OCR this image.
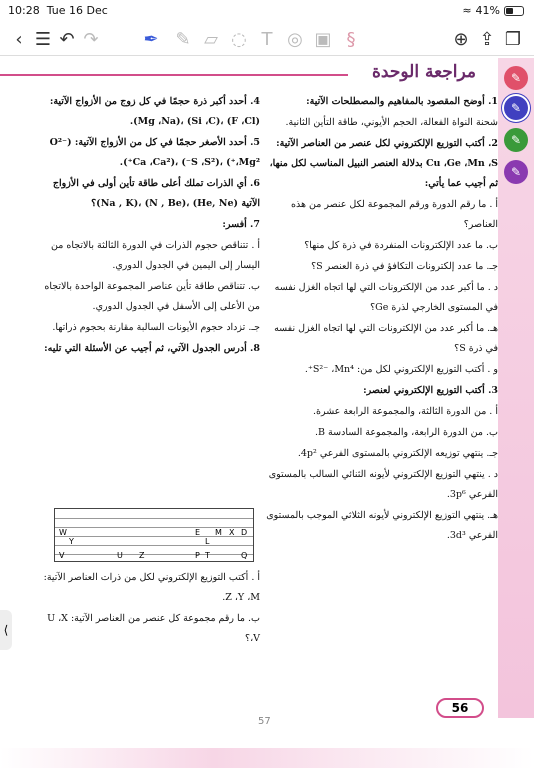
10:28 Tue 16 Dec	≈ 41%
‹ ☰ ↶ ↷	✒ ✎ ▱ ◌ T ◎ ▣ §	⊕ ⇪ ❐
مراجعة الوحدة	✎
✎
✎
✎

1. أوضح المقصود بالمفاهيم والمصطلحات الآتية:

شحنة النواة الفعالة، الحجم الأيوني، طاقة التأين الثانية.

2. أكتب التوزيع الإلكتروني لكل عنصر من العناصر الآتية: Cu ،Ge ،Mn ،S بدلالة العنصر النبيل المناسب لكل منها، ثم أجيب عما يأتي:

أ . ما رقم الدورة ورقم المجموعة لكل عنصر من هذه العناصر؟

ب. ما عدد الإلكترونات المنفردة في ذرة كل منها؟

جـ. ما عدد إلكترونات التكافؤ في ذرة العنصر S؟

د . ما أكبر عدد من الإلكترونات التي لها اتجاه الغزل نفسه في المستوى الخارجي لذرة Ge؟

هـ. ما أكبر عدد من الإلكترونات التي لها اتجاه الغزل نفسه في ذرة S؟

و . أكتب التوزيع الإلكتروني لكل من: S²⁻ ،Mn⁴⁺.

3. أكتب التوزيع الإلكتروني لعنصر:

أ . من الدورة الثالثة، والمجموعة الرابعة عشرة.

ب. من الدورة الرابعة، والمجموعة السادسة B.

جـ. ينتهي توزيعه الإلكتروني بالمستوى الفرعي 4p².

د . ينتهي التوزيع الإلكتروني لأيونه الثنائي السالب بالمستوى الفرعي 3p⁶.

هـ. ينتهي التوزيع الإلكتروني لأيونه الثلاثي الموجب بالمستوى الفرعي 3d³.

4. أحدد أكبر ذرة حجمًا في كل زوج من الأزواج الآتية: (F ،Cl) ،(Si ،C) ،(Mg ،Na).

5. أحدد الأصغر حجمًا في كل من الأزواج الآتية: (O²⁻ ،Mg²⁺) ،(S ،S²⁻) ،(Ca ،Ca²⁺).

6. أي الذرات تملك أعلى طاقة تأين أولى في الأزواج الآتية (He, Ne) ،(N , Be) ،(Na , K)؟

7. أفسر:

أ . تتناقص حجوم الذرات في الدورة الثالثة بالاتجاه من اليسار إلى اليمين في الجدول الدوري.

ب. تتناقص طاقة تأين عناصر المجموعة الواحدة بالاتجاه من الأعلى إلى الأسفل في الجدول الدوري.

جـ. تزداد حجوم الأيونات السالبة مقارنة بحجوم ذراتها.

8. أدرس الجدول الآتي، ثم أجيب عن الأسئلة التي تليه:

W	E M X D
Y	L
V	U Z	P T	Q

أ . أكتب التوزيع الإلكتروني لكل من ذرات العناصر الآتية: Z ،Y ،M.

ب. ما رقم مجموعة كل عنصر من العناصر الآتية: U ،X ،V؟

56
⟨
57
